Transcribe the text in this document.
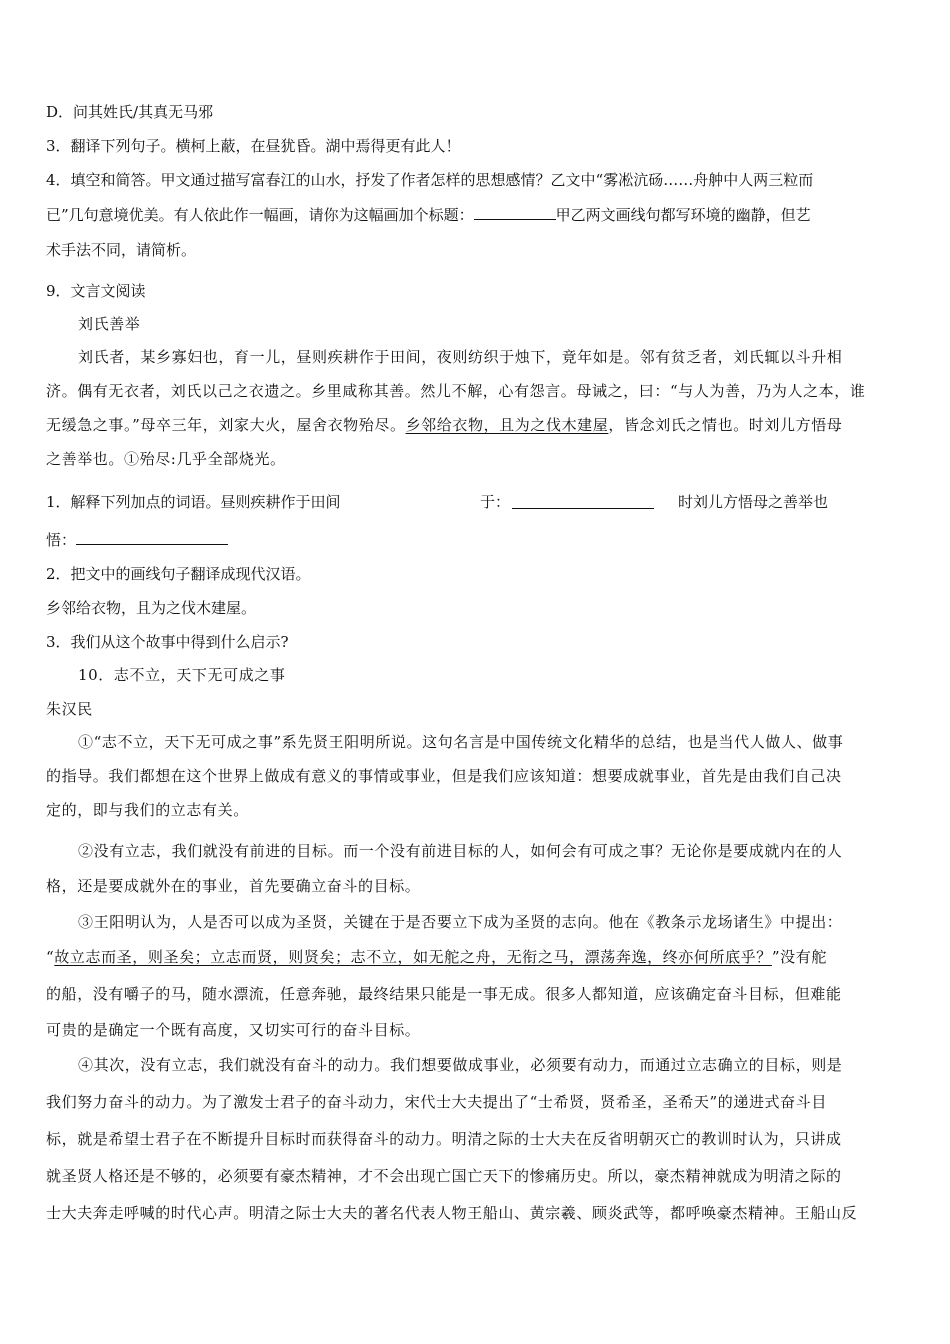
D．问其姓氏/其真无马邪
3．翻译下列句子。横柯上蔽，在昼犹昏。湖中焉得更有此人！
4．填空和简答。甲文通过描写富春江的山水，抒发了作者怎样的思想感情？乙文中“雾凇沆砀……舟舯中人两三粒而
已”几句意境优美。有人依此作一幅画，请你为这幅画加个标题：	甲乙两文画线句都写环境的幽静，但艺
术手法不同，请简析。
9．文言文阅读
刘氏善举
刘氏者，某乡寡妇也，育一儿，昼则疾耕作于田间，夜则纺织于烛下，竟年如是。邻有贫乏者，刘氏辄以斗升相
济。偶有无衣者，刘氏以己之衣遗之。乡里咸称其善。然儿不解，心有怨言。母诫之，曰：“与人为善，乃为人之本，谁
无缓急之事。”母卒三年，刘家大火，屋舍衣物殆尽。乡邻给衣物，且为之伐木建屋，皆念刘氏之情也。时刘儿方悟母
之善举也。①殆尽:几乎全部烧光。
1．解释下列加点的词语。昼则疾耕作于田间	于：	时刘儿方悟母之善举也
悟：
2．把文中的画线句子翻译成现代汉语。
乡邻给衣物，且为之伐木建屋。
3．我们从这个故事中得到什么启示?
10．志不立，天下无可成之事
朱汉民
①“志不立，天下无可成之事”系先贤王阳明所说。这句名言是中国传统文化精华的总结，也是当代人做人、做事
的指导。我们都想在这个世界上做成有意义的事情或事业，但是我们应该知道：想要成就事业，首先是由我们自己决
定的，即与我们的立志有关。
②没有立志，我们就没有前进的目标。而一个没有前进目标的人，如何会有可成之事？无论你是要成就内在的人
格，还是要成就外在的事业，首先要确立奋斗的目标。
③王阳明认为，人是否可以成为圣贤，关键在于是否要立下成为圣贤的志向。他在《教条示龙场诸生》中提出：
“故立志而圣，则圣矣；立志而贤，则贤矣；志不立，如无舵之舟，无衔之马，漂荡奔逸，终亦何所底乎？”没有舵
的船，没有嚼子的马，随水漂流，任意奔驰，最终结果只能是一事无成。很多人都知道，应该确定奋斗目标，但难能
可贵的是确定一个既有高度，又切实可行的奋斗目标。
④其次，没有立志，我们就没有奋斗的动力。我们想要做成事业，必须要有动力，而通过立志确立的目标，则是
我们努力奋斗的动力。为了激发士君子的奋斗动力，宋代士大夫提出了“士希贤，贤希圣，圣希天”的递进式奋斗目
标，就是希望士君子在不断提升目标时而获得奋斗的动力。明清之际的士大夫在反省明朝灭亡的教训时认为，只讲成
就圣贤人格还是不够的，必须要有豪杰精神，才不会出现亡国亡天下的惨痛历史。所以，豪杰精神就成为明清之际的
士大夫奔走呼喊的时代心声。明清之际士大夫的著名代表人物王船山、黄宗羲、顾炎武等，都呼唤豪杰精神。王船山反
